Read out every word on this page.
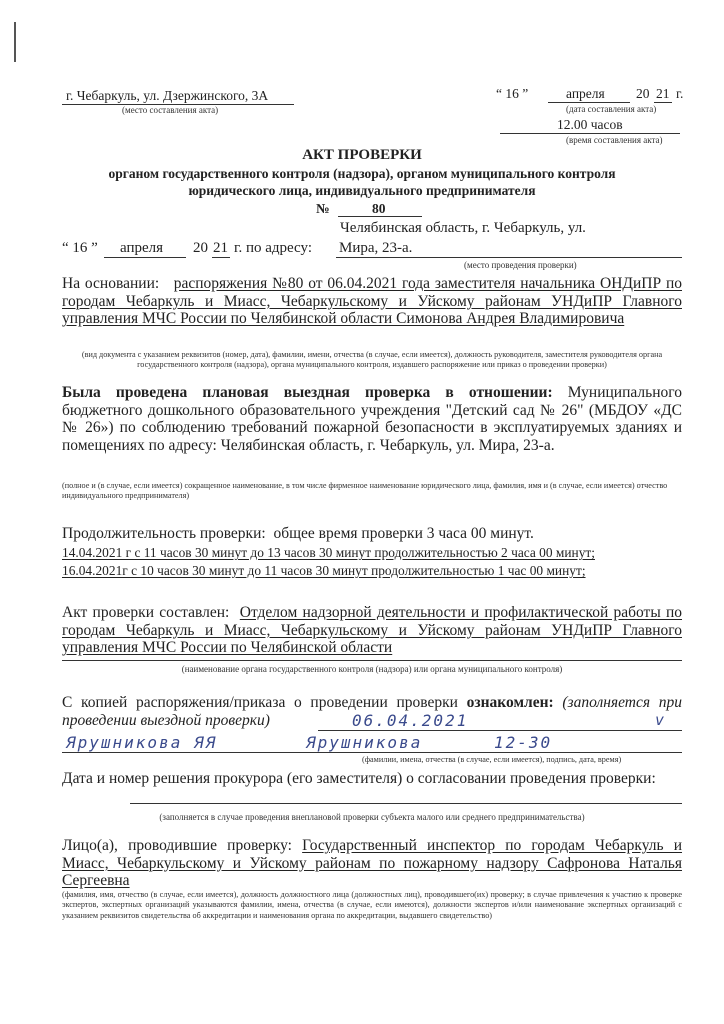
г. Чебаркуль, ул. Дзержинского, 3А
(место составления акта)
“ 16 ”	апреля 20 21 г.
(дата составления акта)
12.00 часов
(время составления акта)
АКТ ПРОВЕРКИ
органом государственного контроля (надзора), органом муниципального контроля
юридического лица, индивидуального предпринимателя
№	80
Челябинская область, г. Чебаркуль, ул.
“ 16 ” апреля 20 21 г. по адресу: Мира, 23-а.
(место проведения проверки)
На основании: распоряжения №80 от 06.04.2021 года заместителя начальника ОНДиПР по городам Чебаркуль и Миасс, Чебаркульскому и Уйскому районам УНДиПР Главного управления МЧС России по Челябинской области Симонова Андрея Владимировича
(вид документа с указанием реквизитов (номер, дата), фамилии, имени, отчества (в случае, если имеется), должность руководителя, заместителя руководителя органа государственного контроля (надзора), органа муниципального контроля, издавшего распоряжение или приказ о проведении проверки)
Была проведена плановая выездная проверка в отношении: Муниципального бюджетного дошкольного образовательного учреждения "Детский сад № 26" (МБДОУ «ДС № 26») по соблюдению требований пожарной безопасности в эксплуатируемых зданиях и помещениях по адресу: Челябинская область, г. Чебаркуль, ул. Мира, 23-а.
(полное и (в случае, если имеется) сокращенное наименование, в том числе фирменное наименование юридического лица, фамилия, имя и (в случае, если имеется) отчество индивидуального предпринимателя)
Продолжительность проверки: общее время проверки 3 часа 00 минут.
14.04.2021 г с 11 часов 30 минут до 13 часов 30 минут продолжительностью 2 часа 00 минут;
16.04.2021г с 10 часов 30 минут до 11 часов 30 минут продолжительностью 1 час 00 минут;
Акт проверки составлен: Отделом надзорной деятельности и профилактической работы по городам Чебаркуль и Миасс, Чебаркульскому и Уйскому районам УНДиПР Главного управления МЧС России по Челябинской области
(наименование органа государственного контроля (надзора) или органа муниципального контроля)
С копией распоряжения/приказа о проведении проверки ознакомлен: (заполняется при проведении выездной проверки)	06.04.2021	v
Ярушникова ЯЯ	Ярушникова	12-30
(фамилии, имена, отчества (в случае, если имеется), подпись, дата, время)
Дата и номер решения прокурора (его заместителя) о согласовании проведения проверки:
(заполняется в случае проведения внеплановой проверки субъекта малого или среднего предпринимательства)
Лицо(а), проводившие проверку: Государственный инспектор по городам Чебаркуль и Миасс, Чебаркульскому и Уйскому районам по пожарному надзору Сафронова Наталья Сергеевна
(фамилия, имя, отчество (в случае, если имеется), должность должностного лица (должностных лиц), проводившего(их) проверку; в случае привлечения к участию к проверке экспертов, экспертных организаций указываются фамилии, имена, отчества (в случае, если имеются), должности экспертов и/или наименование экспертных организаций с указанием реквизитов свидетельства об аккредитации и наименования органа по аккредитации, выдавшего свидетельство)
